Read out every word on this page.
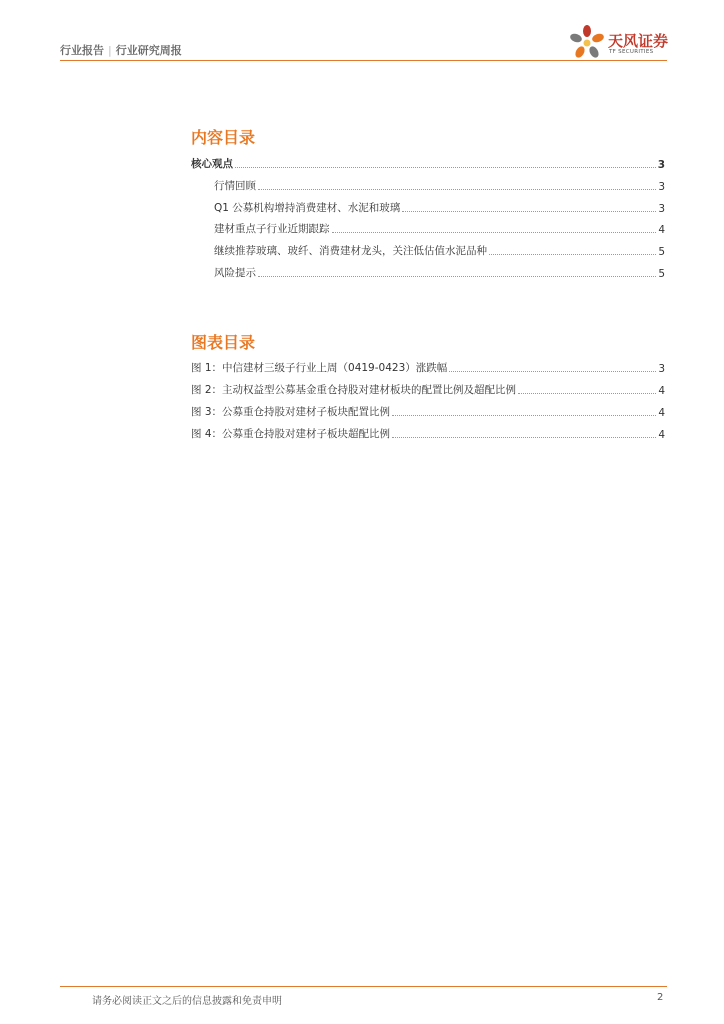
行业报告 | 行业研究周报
天风证券
TF SECURITIES
内容目录
核心观点	3
行情回顾	3
Q1 公募机构增持消费建材、水泥和玻璃	3
建材重点子行业近期跟踪	4
继续推荐玻璃、玻纤、消费建材龙头，关注低估值水泥品种	5
风险提示	5
图表目录
图 1：中信建材三级子行业上周（0419-0423）涨跌幅	3
图 2：主动权益型公募基金重仓持股对建材板块的配置比例及超配比例	4
图 3：公募重仓持股对建材子板块配置比例	4
图 4：公募重仓持股对建材子板块超配比例	4
请务必阅读正文之后的信息披露和免责申明	2
